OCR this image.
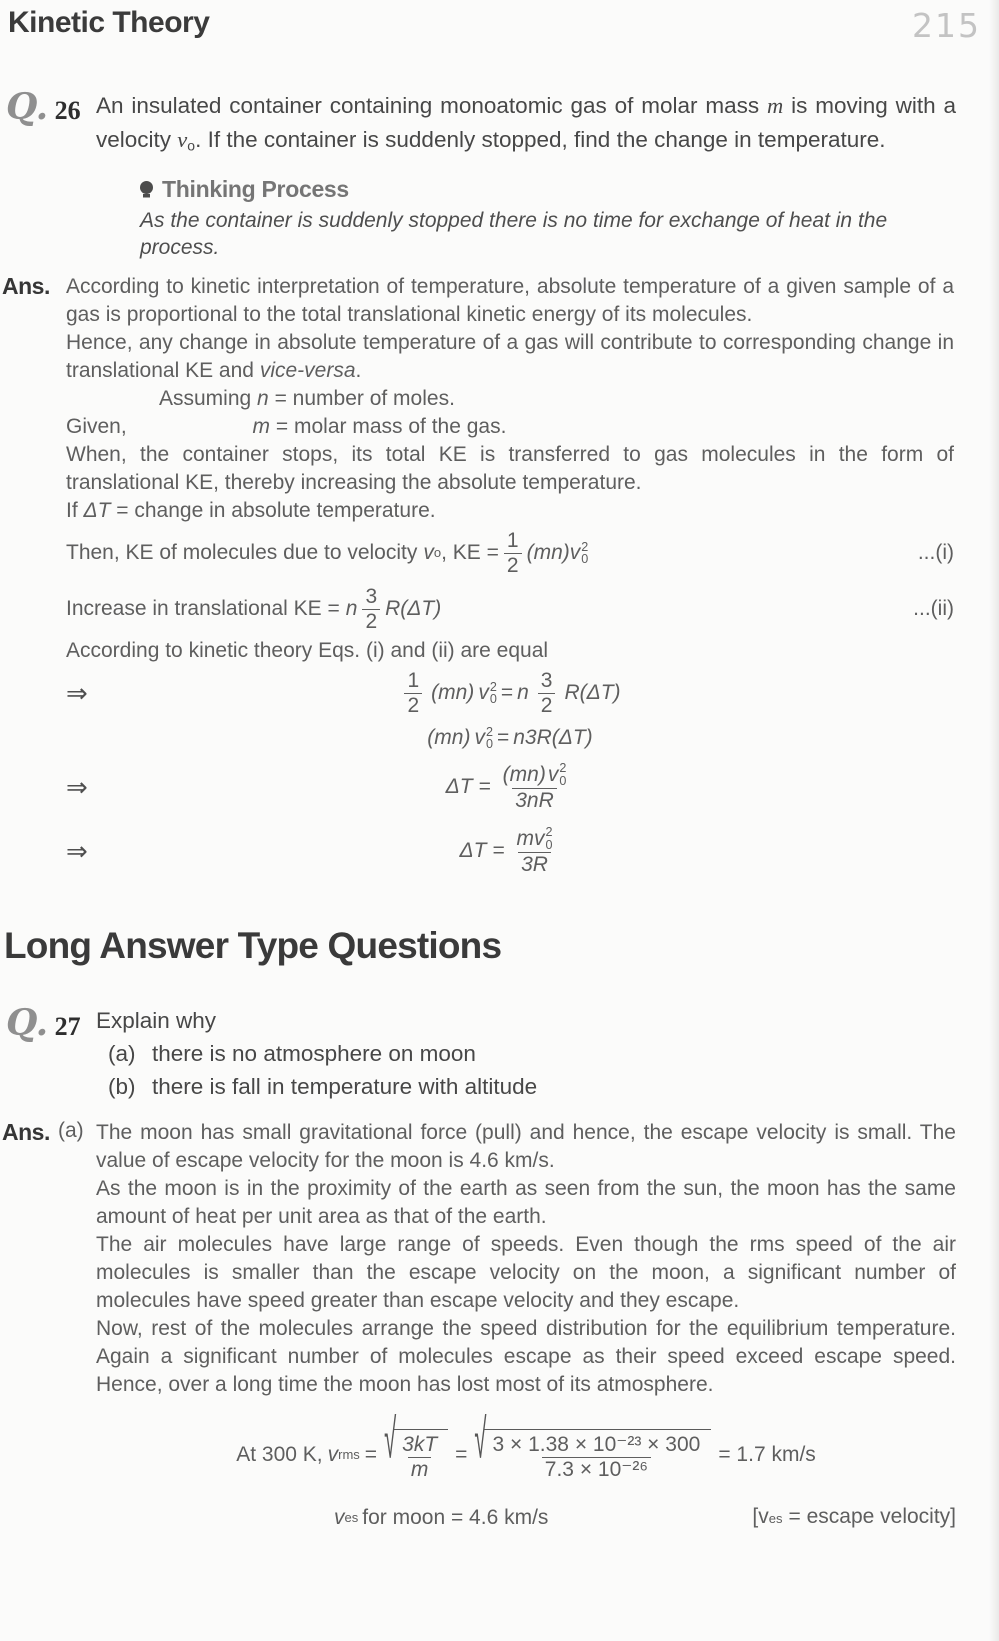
Kinetic Theory	215
Q. 26 An insulated container containing monoatomic gas of molar mass m is moving with a velocity $v_o$. If the container is suddenly stopped, find the change in temperature.
Thinking Process
As the container is suddenly stopped there is no time for exchange of heat in the process.
Ans. According to kinetic interpretation of temperature, absolute temperature of a given sample of a gas is proportional to the total translational kinetic energy of its molecules.

Hence, any change in absolute temperature of a gas will contribute to corresponding change in translational KE and vice-versa.

Assuming n = number of moles.
Given,	m = molar mass of the gas.

When, the container stops, its total KE is transferred to gas molecules in the form of translational KE, thereby increasing the absolute temperature.

If ΔT = change in absolute temperature.
Then, KE of molecules due to velocity v o , KE = $\frac{1}{2} (mn)$ v 2
0	...(i)
Increase in translational KE = n $\frac{3}{2} R(\Delta T)$	...(ii)
According to kinetic theory Eqs. (i) and (ii) are equal
⇒	$\frac{1}{2} (mn)$ v 2
0 = n $\frac{3}{2} R(\Delta T)$
(mn) v 2
0 = n3R(ΔT)
⇒	ΔT = (mn) v 2
0
3nR
⇒	ΔT = mv 2
0
3R
Long Answer Type Questions
Q. 27 Explain why
(a) there is no atmosphere on moon
(b) there is fall in temperature with altitude
Ans. (a) The moon has small gravitational force (pull) and hence, the escape velocity is small. The value of escape velocity for the moon is 4.6 km/s.

As the moon is in the proximity of the earth as seen from the sun, the moon has the same amount of heat per unit area as that of the earth.

The air molecules have large range of speeds. Even though the rms speed of the air molecules is smaller than the escape velocity on the moon, a significant number of molecules have speed greater than escape velocity and they escape.

Now, rest of the molecules arrange the speed distribution for the equilibrium temperature. Again a significant number of molecules escape as their speed exceed escape speed. Hence, over a long time the moon has lost most of its atmosphere.

At 300 K, v rms = √ $\frac{3kT}{m}$ = √ $\frac{\text{3 × 1.38 × 10⁻²³ × 300}}{\text{7.3 × 10⁻²⁶}} = 1.7$ km/s
v es for moon = 4.6 km/s	[v es = escape velocity]
